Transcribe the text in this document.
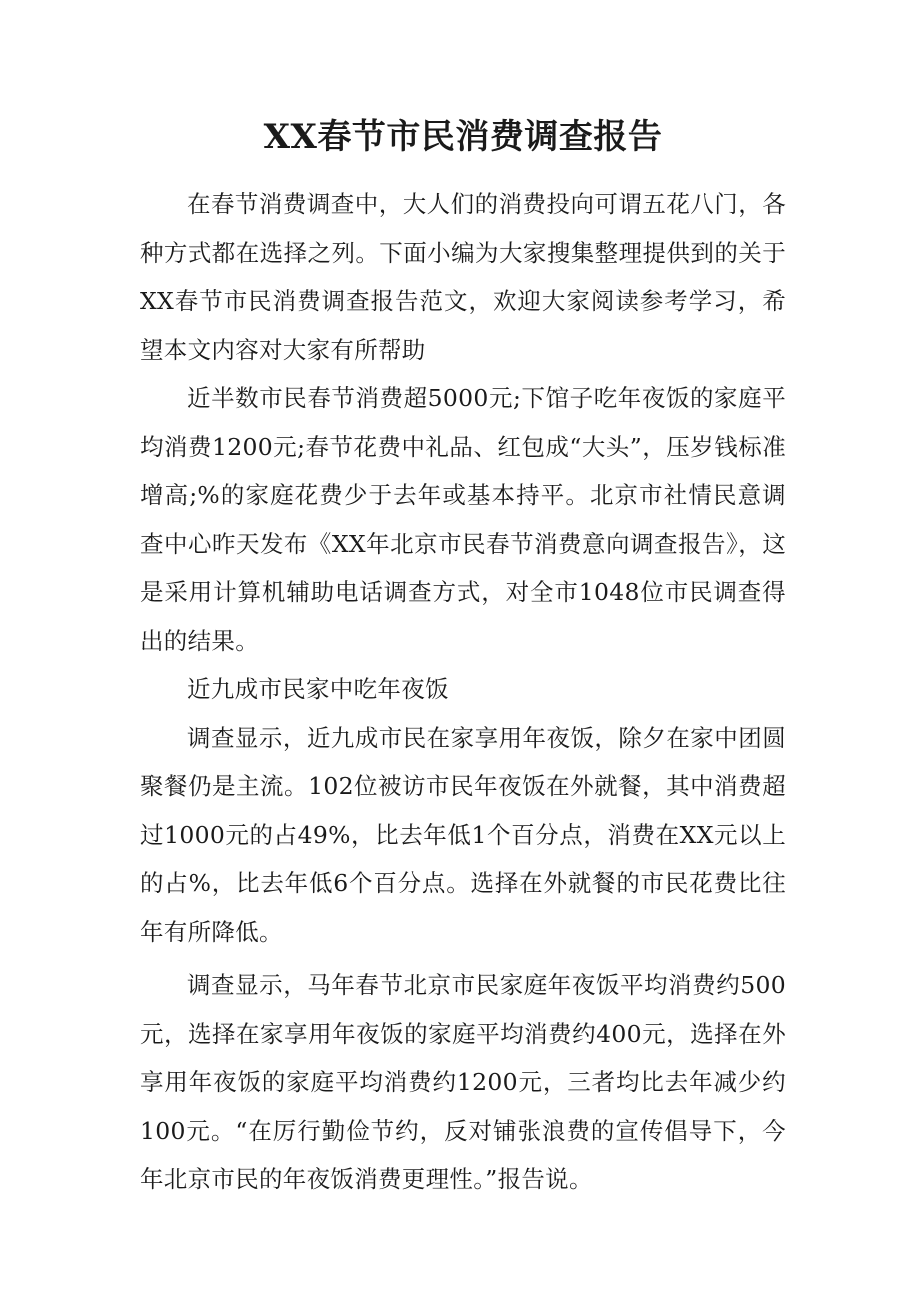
XX春节市民消费调查报告

在春节消费调查中，大人们的消费投向可谓五花八门，各种方式都在选择之列。下面小编为大家搜集整理提供到的关于XX春节市民消费调查报告范文，欢迎大家阅读参考学习，希望本文内容对大家有所帮助

近半数市民春节消费超5000元;下馆子吃年夜饭的家庭平均消费1200元;春节花费中礼品、红包成“大头”，压岁钱标准增高;%的家庭花费少于去年或基本持平。北京市社情民意调查中心昨天发布《XX年北京市民春节消费意向调查报告》，这是采用计算机辅助电话调查方式，对全市1048位市民调查得出的结果。

近九成市民家中吃年夜饭

调查显示，近九成市民在家享用年夜饭，除夕在家中团圆聚餐仍是主流。102位被访市民年夜饭在外就餐，其中消费超过1000元的占49%，比去年低1个百分点，消费在XX元以上的占%，比去年低6个百分点。选择在外就餐的市民花费比往年有所降低。

调查显示，马年春节北京市民家庭年夜饭平均消费约500元，选择在家享用年夜饭的家庭平均消费约400元，选择在外享用年夜饭的家庭平均消费约1200元，三者均比去年减少约100元。“在厉行勤俭节约，反对铺张浪费的宣传倡导下，今年北京市民的年夜饭消费更理性。”报告说。
